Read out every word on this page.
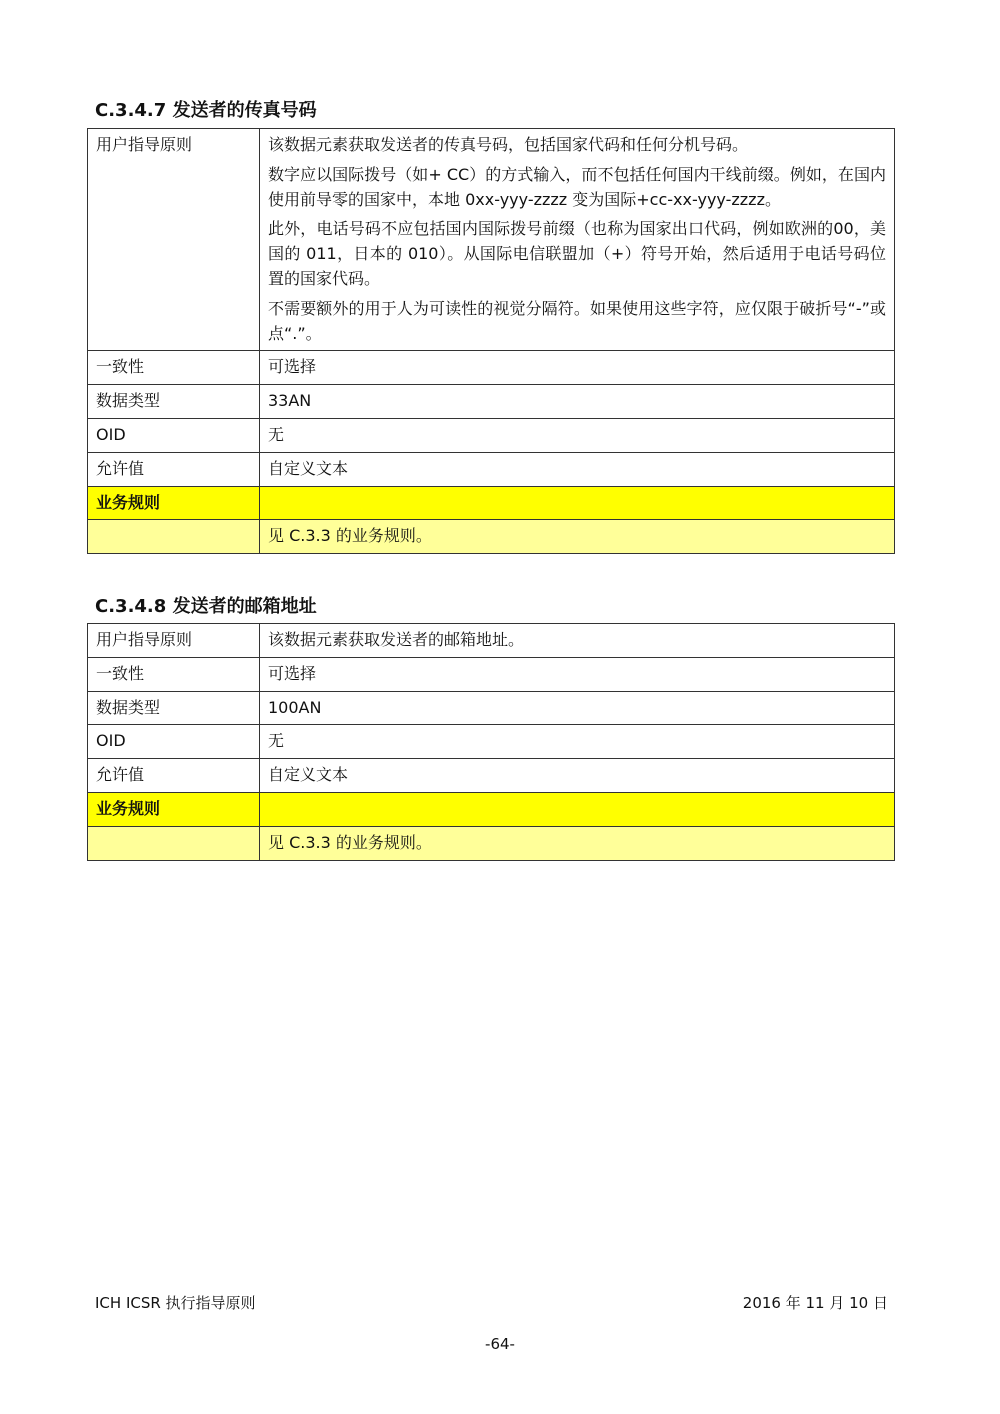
C.3.4.7 发送者的传真号码
用户指导原则	该数据元素获取发送者的传真号码，包括国家代码和任何分机号码。

数字应以国际拨号（如+ CC）的方式输入，而不包括任何国内干线前缀。例如，在国内使用前导零的国家中，本地 0xx-yyy-zzzz 变为国际+cc-xx-yyy-zzzz。

此外，电话号码不应包括国内国际拨号前缀（也称为国家出口代码，例如欧洲的00，美国的 011，日本的 010）。从国际电信联盟加（+）符号开始，然后适用于电话号码位置的国家代码。

不需要额外的用于人为可读性的视觉分隔符。如果使用这些字符，应仅限于破折号“-”或点“.”。

一致性	可选择
数据类型	33AN
OID	无
允许值	自定义文本
业务规则	
	见 C.3.3 的业务规则。
C.3.4.8 发送者的邮箱地址
用户指导原则	该数据元素获取发送者的邮箱地址。

一致性	可选择
数据类型	100AN
OID	无
允许值	自定义文本
业务规则	
	见 C.3.3 的业务规则。
ICH ICSR 执行指导原则	2016 年 11 月 10 日
-64-
